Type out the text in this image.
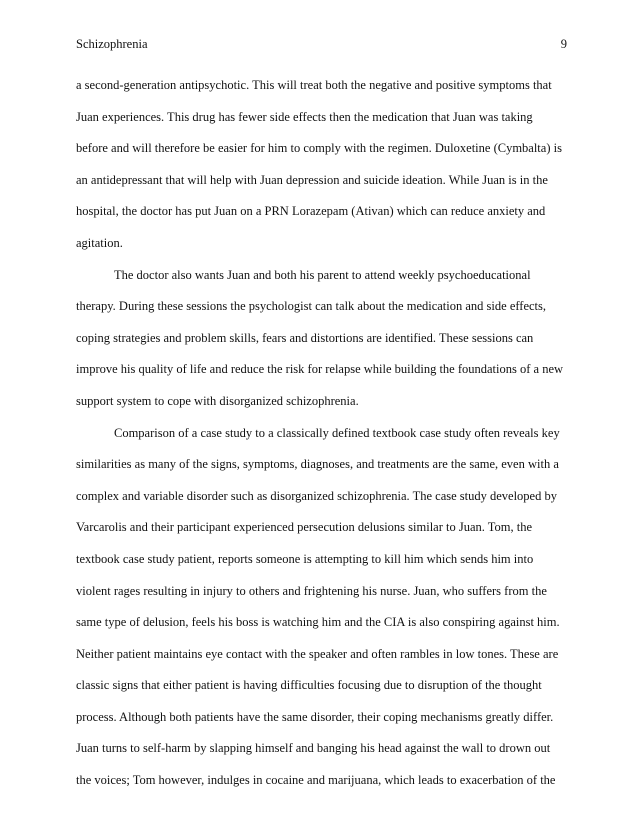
Schizophrenia	9
a second-generation antipsychotic. This will treat both the negative and positive symptoms that
Juan experiences. This drug has fewer side effects then the medication that Juan was taking
before and will therefore be easier for him to comply with the regimen. Duloxetine (Cymbalta) is
an antidepressant that will help with Juan depression and suicide ideation. While Juan is in the
hospital, the doctor has put Juan on a PRN Lorazepam (Ativan) which can reduce anxiety and
agitation.
The doctor also wants Juan and both his parent to attend weekly psychoeducational
therapy. During these sessions the psychologist can talk about the medication and side effects,
coping strategies and problem skills, fears and distortions are identified. These sessions can
improve his quality of life and reduce the risk for relapse while building the foundations of a new
support system to cope with disorganized schizophrenia.
Comparison of a case study to a classically defined textbook case study often reveals key
similarities as many of the signs, symptoms, diagnoses, and treatments are the same, even with a
complex and variable disorder such as disorganized schizophrenia. The case study developed by
Varcarolis and their participant experienced persecution delusions similar to Juan. Tom, the
textbook case study patient, reports someone is attempting to kill him which sends him into
violent rages resulting in injury to others and frightening his nurse. Juan, who suffers from the
same type of delusion, feels his boss is watching him and the CIA is also conspiring against him.
Neither patient maintains eye contact with the speaker and often rambles in low tones. These are
classic signs that either patient is having difficulties focusing due to disruption of the thought
process. Although both patients have the same disorder, their coping mechanisms greatly differ.
Juan turns to self-harm by slapping himself and banging his head against the wall to drown out
the voices; Tom however, indulges in cocaine and marijuana, which leads to exacerbation of the
